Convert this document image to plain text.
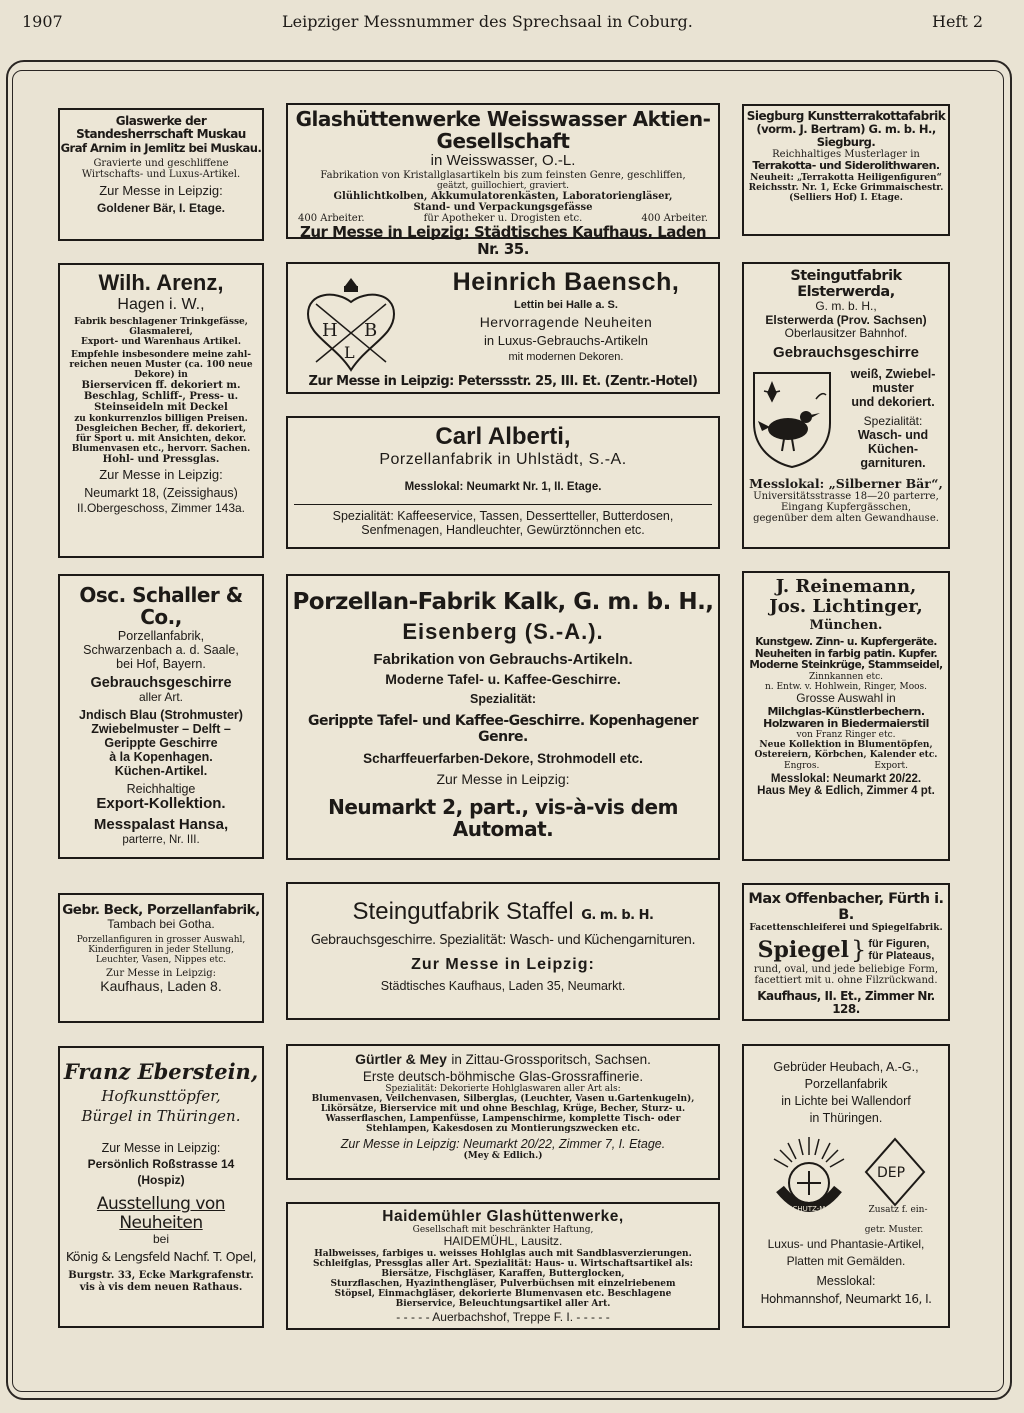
1907	Leipziger Messnummer des Sprechsaal in Coburg.	Heft 2

Glaswerke der

Standesherrschaft Muskau

Graf Arnim in Jemlitz bei Muskau.

Gravierte und geschliffene

Wirtschafts- und Luxus-Artikel.

Zur Messe in Leipzig:

Goldener Bär, I. Etage.

Glashüttenwerke Weisswasser Aktien-Gesellschaft

in Weisswasser, O.-L.

Fabrikation von Kristallglasartikeln bis zum feinsten Genre, geschliffen,

geätzt, guillochiert, graviert.

Glühlichtkolben, Akkumulatorenkästen, Laboratoriengläser,

Stand- und Verpackungsgefässe

400 Arbeiter.	für Apotheker u. Drogisten etc.	400 Arbeiter.

Zur Messe in Leipzig: Städtisches Kaufhaus, Laden Nr. 35.

Siegburg Kunstterrakottafabrik

(vorm. J. Bertram) G. m. b. H.,

Siegburg.

Reichhaltiges Musterlager in

Terrakotta- und Siderolithwaren.

Neuheit: „Terrakotta Heiligenfiguren“

Reichsstr. Nr. 1, Ecke Grimmaischestr.

(Selliers Hof) I. Etage.

Wilh. Arenz,

Hagen i. W.,

Fabrik beschlagener Trinkgefässe,

Glasmalerei,

Export- und Warenhaus Artikel.

Empfehle insbesondere meine zahl-

reichen neuen Muster (ca. 100 neue

Dekore) in

Bierservicen ff. dekoriert m.

Beschlag, Schliff-, Press- u.

Steinseideln mit Deckel

zu konkurrenzlos billigen Preisen.

Desgleichen Becher, ff. dekoriert,

für Sport u. mit Ansichten, dekor.

Blumenvasen etc., hervorr. Sachen.

Hohl- und Pressglas.

Zur Messe in Leipzig:

Neumarkt 18, (Zeissighaus)

II.Obergeschoss, Zimmer 143a.

H B
L

Heinrich Baensch,

Lettin bei Halle a. S.

Hervorragende Neuheiten

in Luxus-Gebrauchs-Artikeln

mit modernen Dekoren.

Zur Messe in Leipzig: Peterssstr. 25, III. Et. (Zentr.-Hotel)

Carl Alberti,

Porzellanfabrik in Uhlstädt, S.-A.

Messlokal: Neumarkt Nr. 1, II. Etage.

Spezialität: Kaffeeservice, Tassen, Dessertteller, Butterdosen,

Senfmenagen, Handleuchter, Gewürztönnchen etc.

Steingutfabrik Elsterwerda,

G. m. b. H.,

Elsterwerda (Prov. Sachsen)

Oberlausitzer Bahnhof.

Gebrauchsgeschirre

weiß, Zwiebel-

muster

und dekoriert.

Spezialität:

Wasch- und

Küchen-

garnituren.

Messlokal: „Silberner Bär“,

Universitätsstrasse 18—20 parterre,

Eingang Kupfergässchen,

gegenüber dem alten Gewandhause.

Osc. Schaller & Co.,

Porzellanfabrik,

Schwarzenbach a. d. Saale,

bei Hof, Bayern.

Gebrauchsgeschirre

aller Art.

Jndisch Blau (Strohmuster)

Zwiebelmuster – Delft –

Gerippte Geschirre

à la Kopenhagen.

Küchen-Artikel.

Reichhaltige

Export-Kollektion.

Messpalast Hansa,

parterre, Nr. III.

Porzellan-Fabrik Kalk, G. m. b. H.,

Eisenberg (S.-A.).

Fabrikation von Gebrauchs-Artikeln.

Moderne Tafel- u. Kaffee-Geschirre.

Spezialität:

Gerippte Tafel- und Kaffee-Geschirre. Kopenhagener Genre.

Scharffeuerfarben-Dekore, Strohmodell etc.

Zur Messe in Leipzig:

Neumarkt 2, part., vis-à-vis dem Automat.

J. Reinemann,

Jos. Lichtinger,

München.

Kunstgew. Zinn- u. Kupfergeräte.

Neuheiten in farbig patin. Kupfer.

Moderne Steinkrüge, Stammseidel,

Zinnkannen etc.

n. Entw. v. Hohlwein, Ringer, Moos.

Grosse Auswahl in

Milchglas-Künstlerbechern.

Holzwaren in Biedermaierstil

von Franz Ringer etc.

Neue Kollektion in Blumentöpfen,

Ostereiern, Körbchen, Kalender etc.

Engros.	Export.

Messlokal: Neumarkt 20/22.

Haus Mey & Edlich, Zimmer 4 pt.

Gebr. Beck, Porzellanfabrik,

Tambach bei Gotha.

Porzellanfiguren in grosser Auswahl,

Kinderfiguren in jeder Stellung,

Leuchter, Vasen, Nippes etc.

Zur Messe in Leipzig:

Kaufhaus, Laden 8.

Steingutfabrik Staffel G. m. b. H.

Gebrauchsgeschirre. Spezialität: Wasch- und Küchengarnituren.

Zur Messe in Leipzig:

Städtisches Kaufhaus, Laden 35, Neumarkt.

Max Offenbacher, Fürth i. B.

Facettenschleiferei und Spiegelfabrik.

Spiegel } für Figuren,
für Plateaus,

rund, oval, und jede beliebige Form,

facettiert mit u. ohne Filzrückwand.

Kaufhaus, II. Et., Zimmer Nr. 128.

Franz Eberstein,

Hofkunsttöpfer,

Bürgel in Thüringen.

Zur Messe in Leipzig:

Persönlich Roßstrasse 14

(Hospiz)

Ausstellung von Neuheiten

bei

König & Lengsfeld Nachf. T. Opel,

Burgstr. 33, Ecke Markgrafenstr.

vis à vis dem neuen Rathaus.

Gürtler & Mey in Zittau-Grossporitsch, Sachsen.

Erste deutsch-böhmische Glas-Grossraffinerie.

Spezialität: Dekorierte Hohlglaswaren aller Art als:

Blumenvasen, Veilchenvasen, Silberglas, (Leuchter, Vasen u.Gartenkugeln),

Likörsätze, Bierservice mit und ohne Beschlag, Krüge, Becher, Sturz- u.

Wasserflaschen, Lampenfüsse, Lampenschirme, komplette Tisch- oder

Stehlampen, Kakesdosen zu Montierungszwecken etc.

Zur Messe in Leipzig: Neumarkt 20/22, Zimmer 7, I. Etage.

(Mey & Edlich.)

Haidemühler Glashüttenwerke,

Gesellschaft mit beschränkter Haftung,

HAIDEMÜHL, Lausitz.

Halbweisses, farbiges u. weisses Hohlglas auch mit Sandblasverzierungen.

Schleifglas, Pressglas aller Art. Spezialität: Haus- u. Wirtschaftsartikel als:

Biersätze, Fischgläser, Karaffen, Butterglocken,

Sturzflaschen, Hyazinthengläser, Pulverbüchsen mit einzelriebenem

Stöpsel, Einmachgläser, dekorierte Blumenvasen etc. Beschlagene

Bierservice, Beleuchtungsartikel aller Art.

- - - - - Auerbachshof, Treppe F. I. - - - - -

Gebrüder Heubach, A.-G.,

Porzellanfabrik

in Lichte bei Wallendorf

in Thüringen.

SCHUTZ-MARKE
DEP

Zusatz f. ein-

getr. Muster.

Luxus- und Phantasie-Artikel,

Platten mit Gemälden.

Messlokal:

Hohmannshof, Neumarkt 16, I.
